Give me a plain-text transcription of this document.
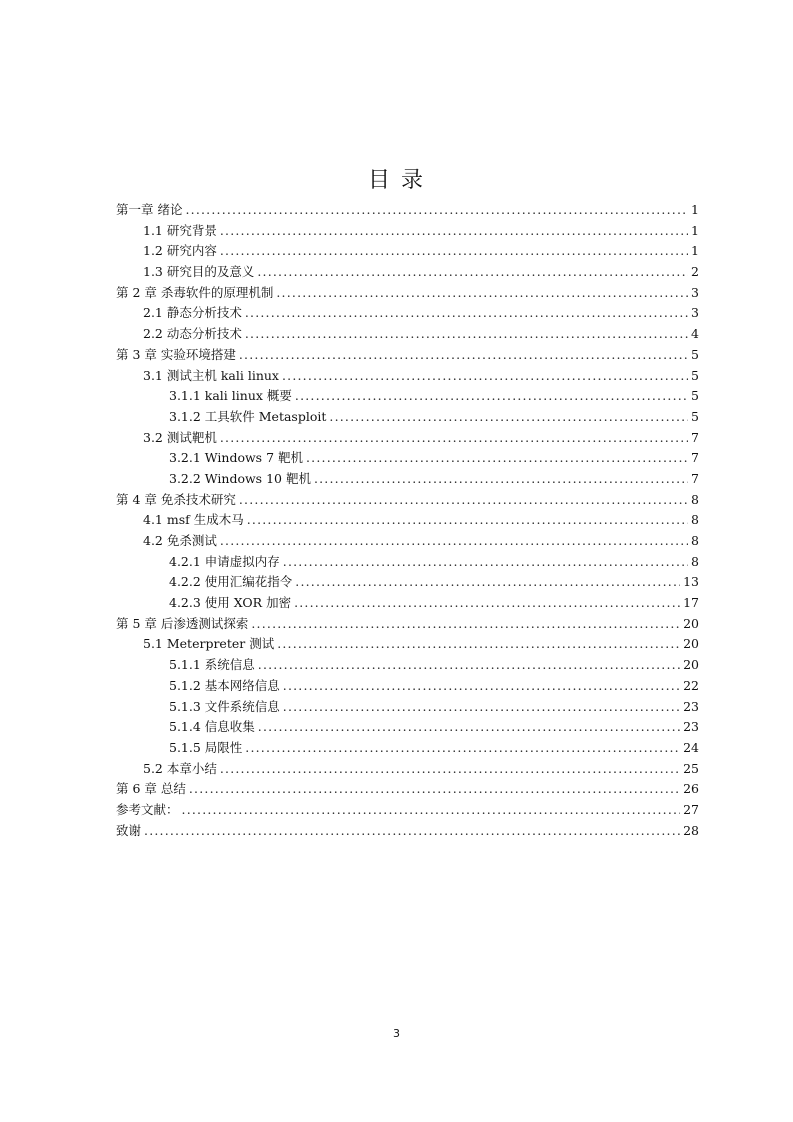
目 录
第一章 绪论 .....	1
1.1 研究背景 .....	1
1.2 研究内容 .....	1
1.3 研究目的及意义 .....	2
第 2 章 杀毒软件的原理机制 .....	3
2.1 静态分析技术 .....	3
2.2 动态分析技术 .....	4
第 3 章 实验环境搭建 .....	5
3.1 测试主机 kali linux .....	5
3.1.1 kali linux 概要 .....	5
3.1.2 工具软件 Metasploit .....	5
3.2 测试靶机 .....	7
3.2.1 Windows 7 靶机 .....	7
3.2.2 Windows 10 靶机 .....	7
第 4 章 免杀技术研究 .....	8
4.1 msf 生成木马 .....	8
4.2 免杀测试 .....	8
4.2.1 申请虚拟内存 .....	8
4.2.2 使用汇编花指令 .....	13
4.2.3 使用 XOR 加密 .....	17
第 5 章 后渗透测试探索 .....	20
5.1 Meterpreter 测试 .....	20
5.1.1 系统信息 .....	20
5.1.2 基本网络信息 .....	22
5.1.3 文件系统信息 .....	23
5.1.4 信息收集 .....	23
5.1.5 局限性 .....	24
5.2 本章小结 .....	25
第 6 章 总结 .....	26
参考文献： .....	27
致谢 .....	28
3
